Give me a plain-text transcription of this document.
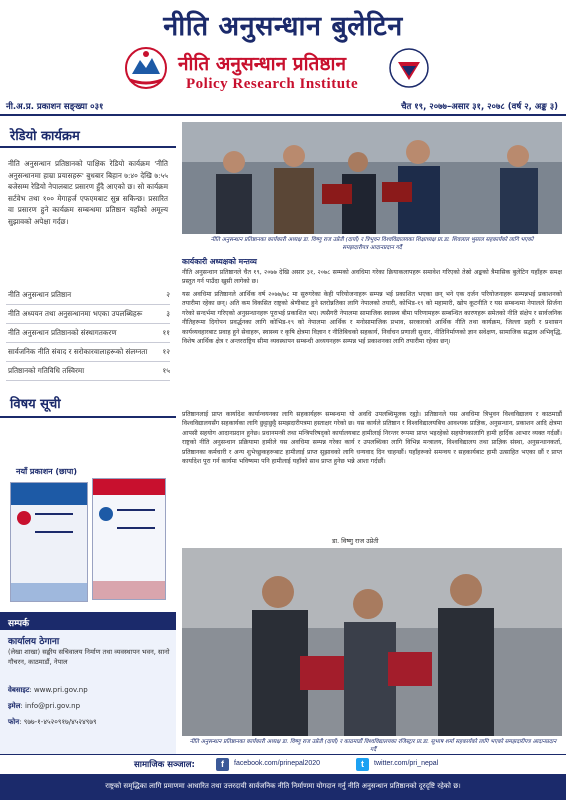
नीति अनुसन्धान बुलेटिन
नीति अनुसन्धान प्रतिष्ठान
Policy Research Institute
नी.अ.प्र. प्रकाशन सङ्ख्या ०३१	चैत १९, २०७७–असार ३१, २०७८ (वर्ष २, अङ्क ३)
रेडियो कार्यक्रम
नीति अनुसन्धान प्रतिष्ठानको पाक्षिक रेडियो कार्यक्रम 'नीति अनुसन्धानमा हाम्रा प्रयासहरू' बुधबार बिहान ७:४० देखि ७:५५ बजेसम्म रेडियो नेपालबाट प्रसारण हुँदै आएको छ। सो कार्यक्रम सर्टवेभ तथा १०० मेगाहर्ज एफएमबाट सुन्न सकिन्छ। प्रसारित वा प्रसारण हुने कार्यक्रम सम्बन्धमा प्रतिष्ठान यहाँको अमूल्य सुझावको अपेक्षा गर्दछ।
विषय सूची
नीति अनुसन्धान प्रतिष्ठान	२
नीति अध्ययन तथा अनुसन्धानमा भएका उपलब्धिहरू	३
नीति अनुसन्धान प्रतिष्ठानको संस्थागतकरण	११
सार्वजनिक नीति संवाद र सरोकारवालाहरूको संलग्नता १२
प्रतिष्ठानको गतिविधि तस्विरमा	१५
नयाँ प्रकाशन (छापा)
सम्पर्क
कार्यालय ठेगाना
(लेखा शाखा) सङ्घीय सचिवालय निर्माण तथा व्यवस्थापन भवन, सानो गौचरन, काठमाडौं, नेपाल
वेबसाइट: www.pri.gov.np
इमेल: info@pri.gov.np
फोन: ९७७-१-४५२०९१७/४५२४९७९
नीति अनुसन्धान प्रतिष्ठानका कार्यकारी अध्यक्ष डा. विष्णु राज उप्रेती (दायाँ) र त्रिभुवन विश्वविद्यालयका शिक्षाध्यक्ष प्रा.डा. शिवलाल भुसाल सहकार्यको लागि भएको समझदारीपत्र आदानप्रदान गर्दै
कार्यकारी अध्यक्षको मन्तव्य
नीति अनुसन्धान प्रतिष्ठानले चैत १९, २०७७ देखि असार ३१, २०७८ सम्मको अवधिमा गरेका क्रियाकलापहरू समावेश गरिएको तेस्रो अङ्कको त्रैमासिक बुलेटिन यहाँहरू समक्ष प्रस्तुत गर्न पाउँदा खुसी लागेको छ।
यस अवधिमा प्रतिष्ठानले आर्थिक वर्ष २०७७/७८ मा सुरुगरेका केही परियोजनाहरू सम्पन्न भई प्रकाशित भएका छन् भने एक दर्जन परियोजनाहरू सम्पन्नभई प्रकाशनको तयारीमा रहेका छन्। अति कम विकसित राष्ट्रको श्रेणीबाट हुने स्तरोन्नतिका लागि नेपालको तयारी, कोभिड-१९ को महामारी, खोप कूटनीति र यस सम्बन्धमा नेपालले सिर्जना गरेको सन्दर्भमा गरिएको अनुसन्धानहरू पूराभई प्रकाशित भए। त्यसैगरी नेपालमा सामाजिक स्वास्थ्य बीमा परिणामहरू सम्बन्धित कारणहरू समेतको नीति संक्षेप र सार्वजनिक नीतिहरूमा दिगोपन प्रवर्द्धनका लागि कोभिड-१९ को नेपालमा आर्थिक र मनोसामाजिक प्रभाव, सरकारको आर्थिक नीति तथा कार्यक्रम, जिल्ला प्रहरी र प्रशासन कार्यव्यवहारबाट प्रवाह हुने सेवाहरू, स्वास्थ्य र कृषि क्षेत्रमा विज्ञान र नीतिबिचको सहकार्य, निर्वाचन प्रणाली सुधार, नीतिनिर्माणको ज्ञान सवेक्षण, सामाजिक सद्भाव अभिवृद्धि, विशेष आर्थिक क्षेत्र र अन्तरराष्ट्रिय सीमा व्यवस्थापन सम्बन्धी अध्ययनहरू सम्पन्न भई प्रकाशनका लागि तयारीमा रहेका छन्।
प्रतिष्ठानलाई प्राप्त कार्यादेश कार्यान्वयनका लागि सहकार्यहरू सम्बन्धमा यो अवधि उपलब्धिमूलक रह्यो। प्रतिष्ठानले यस अवधिमा त्रिभुवन विश्वविद्यालय र काठमाडौं विश्वविद्यालयसँग सहकार्यका लागि छुट्टाछुट्टै समझदारीपत्रमा हस्ताक्षर गरेको छ। यस कार्यले प्रतिष्ठान र विश्वविद्यालयबिच आवश्यक प्राज्ञिक, अनुसन्धान, प्रकाशन आदि क्षेत्रमा आपसी सहयोग आदानप्रदान हुनेछ। प्रधानमन्त्री तथा मन्त्रिपरिषद्को कार्यालयबाट हामीलाई निरन्तर रूपमा प्राप्त भइरहेको सहयोगकालागि हामी हार्दिक आभार व्यक्त गर्दछौं। राष्ट्रको नीति अनुसन्धान प्रक्रियामा हामीले यस अवधिमा सम्पन्न गरेका कार्य र उपलब्धिका लागि विभिन्न मन्त्रालय, विश्वविद्यालय तथा प्राज्ञिक संस्था, अनुसन्धानकर्ता, प्रतिष्ठानका कर्मचारी र अन्य शुभेच्छुकहरूबाट हामीलाई प्राप्त सुझावको लागि धन्यवाद दिन चाहन्छौं। यहाँहरूको समन्वय र सहकार्यबाट हामी उत्साहित भएका छौं र प्राप्त कार्यादेश पूरा गर्न कार्यमा भविष्यमा पनि हामीलाई यहाँको साथ प्राप्त हुनेछ भन्ने आशा गर्दछौं।
डा. विष्णु राज उप्रेती
नीति अनुसन्धान प्रतिष्ठानका कार्यकारी अध्यक्ष डा. विष्णु राज उप्रेती (दायाँ) र काठमाडौं विश्वविद्यालयका रजिस्ट्रार प्रा.डा. सुभाष शर्मा सहकार्यको लागि भएको समझदारीपत्र आदानप्रदान गर्दै
सामाजिक सञ्जाल:	f	facebook.com/prinepal2020	t	twitter.com/pri_nepal
राष्ट्रको समृद्धिका लागि प्रमाणमा आधारित तथा उत्तरदायी सार्वजनिक नीति निर्माणमा योगदान गर्नु नीति अनुसन्धान प्रतिष्ठानको दूरदृष्टि रहेको छ।
